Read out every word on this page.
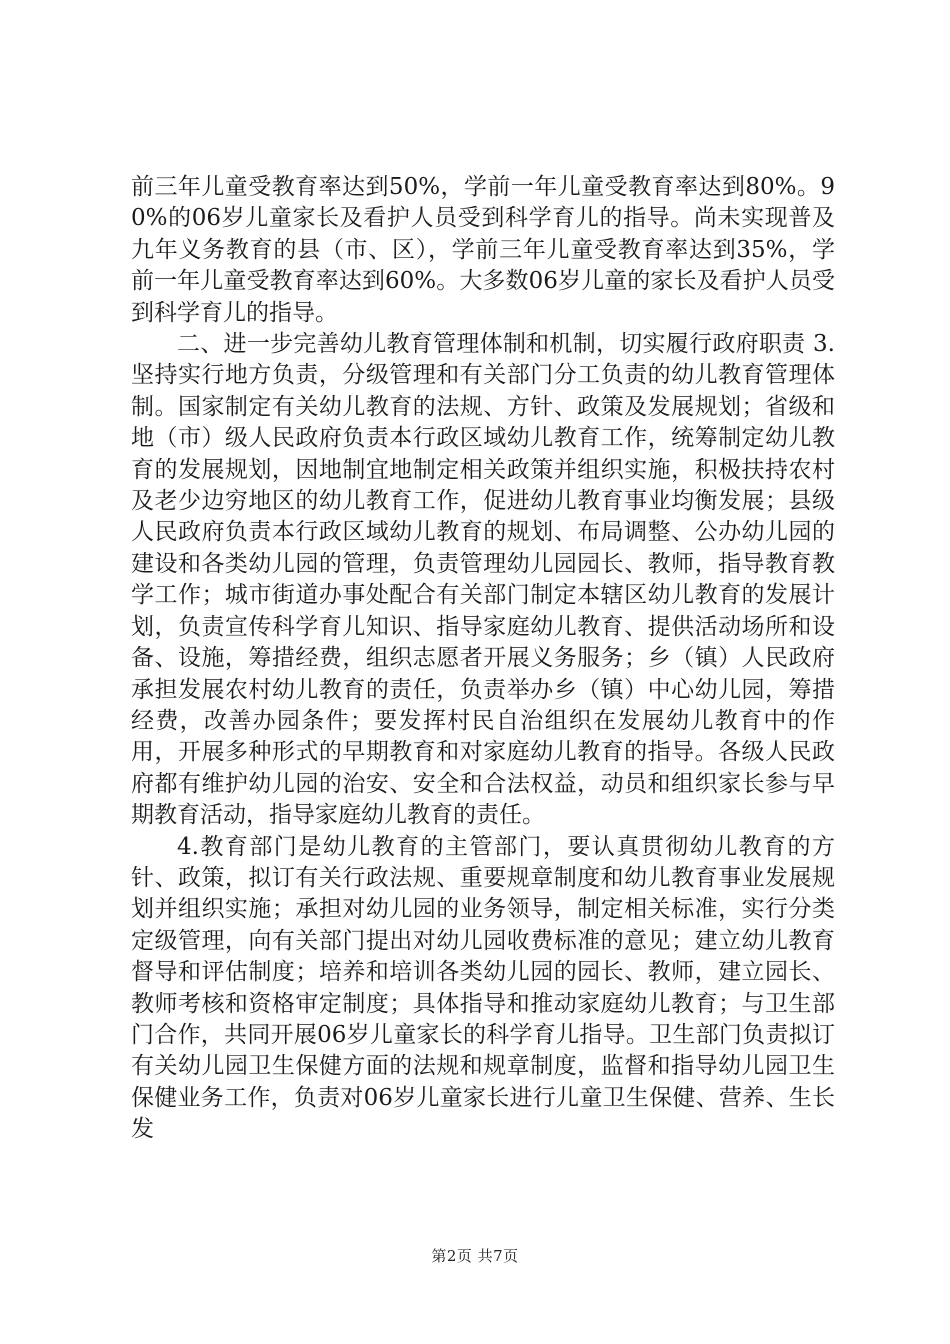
前三年儿童受教育率达到50%，学前一年儿童受教育率达到80%。90%的06岁儿童家长及看护人员受到科学育儿的指导。尚未实现普及九年义务教育的县（市、区），学前三年儿童受教育率达到35%，学前一年儿童受教育率达到60%。大多数06岁儿童的家长及看护人员受到科学育儿的指导。

二、进一步完善幼儿教育管理体制和机制，切实履行政府职责 3.坚持实行地方负责，分级管理和有关部门分工负责的幼儿教育管理体制。国家制定有关幼儿教育的法规、方针、政策及发展规划；省级和地（市）级人民政府负责本行政区域幼儿教育工作，统筹制定幼儿教育的发展规划，因地制宜地制定相关政策并组织实施，积极扶持农村及老少边穷地区的幼儿教育工作，促进幼儿教育事业均衡发展；县级人民政府负责本行政区域幼儿教育的规划、布局调整、公办幼儿园的建设和各类幼儿园的管理，负责管理幼儿园园长、教师，指导教育教学工作；城市街道办事处配合有关部门制定本辖区幼儿教育的发展计划，负责宣传科学育儿知识、指导家庭幼儿教育、提供活动场所和设备、设施，筹措经费，组织志愿者开展义务服务；乡（镇）人民政府承担发展农村幼儿教育的责任，负责举办乡（镇）中心幼儿园，筹措经费，改善办园条件；要发挥村民自治组织在发展幼儿教育中的作用，开展多种形式的早期教育和对家庭幼儿教育的指导。各级人民政府都有维护幼儿园的治安、安全和合法权益，动员和组织家长参与早期教育活动，指导家庭幼儿教育的责任。

4.教育部门是幼儿教育的主管部门，要认真贯彻幼儿教育的方针、政策，拟订有关行政法规、重要规章制度和幼儿教育事业发展规划并组织实施；承担对幼儿园的业务领导，制定相关标准，实行分类定级管理，向有关部门提出对幼儿园收费标准的意见；建立幼儿教育督导和评估制度；培养和培训各类幼儿园的园长、教师，建立园长、教师考核和资格审定制度；具体指导和推动家庭幼儿教育；与卫生部门合作，共同开展06岁儿童家长的科学育儿指导。卫生部门负责拟订有关幼儿园卫生保健方面的法规和规章制度，监督和指导幼儿园卫生保健业务工作，负责对06岁儿童家长进行儿童卫生保健、营养、生长发

第2页 共7页
